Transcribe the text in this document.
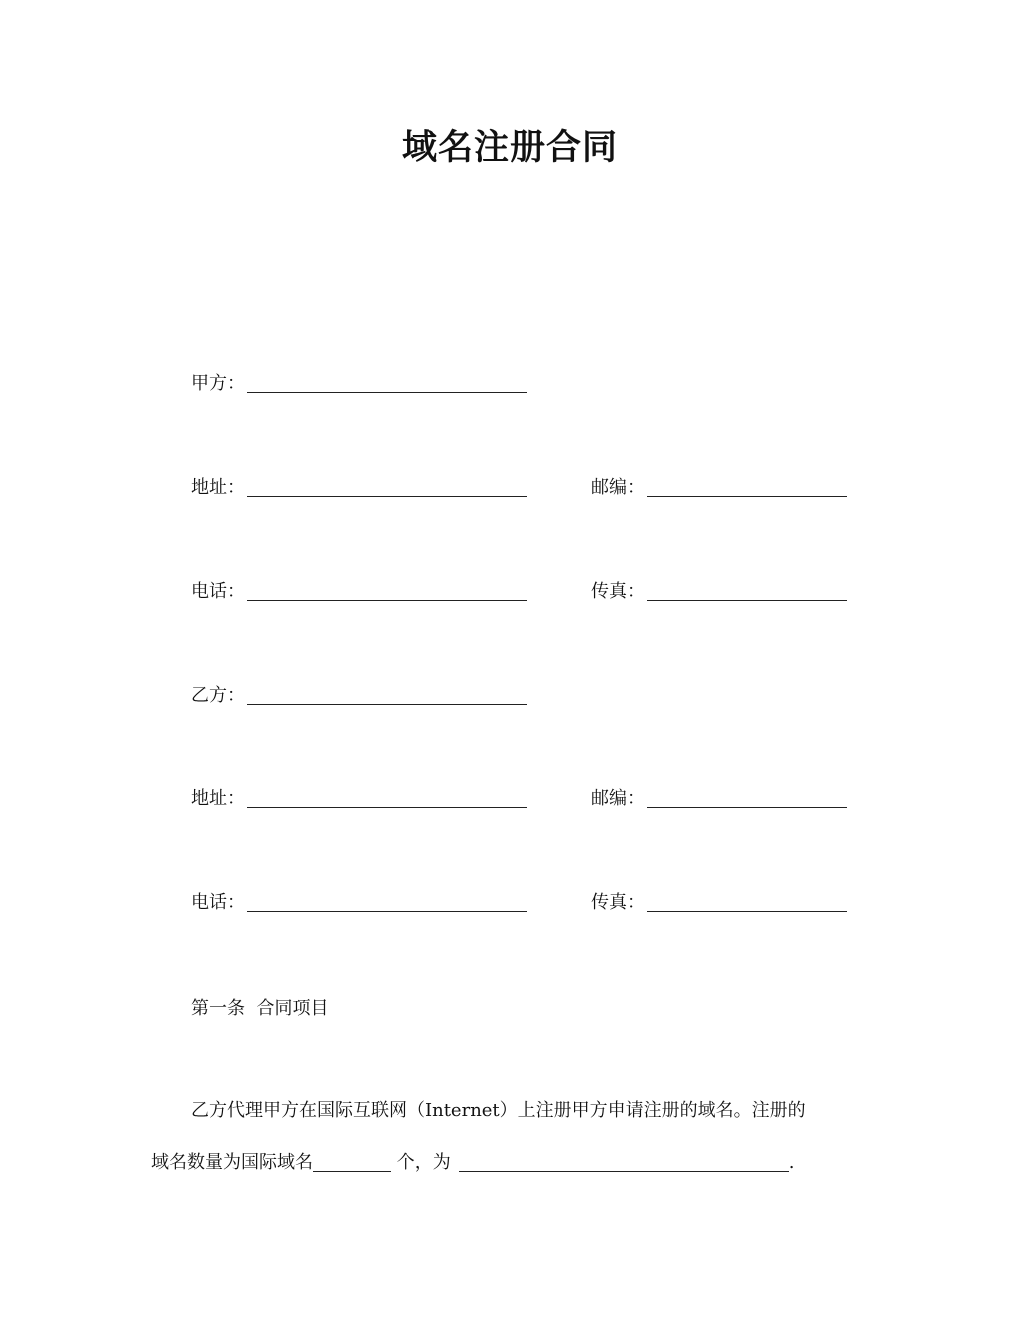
域名注册合同
甲方：
地址：	邮编：
电话：	传真：
乙方：
地址：	邮编：
电话：	传真：
第一条  合同项目
乙方代理甲方在国际互联网（Internet）上注册甲方申请注册的域名。注册的
域名数量为国际域名	个，为	.
